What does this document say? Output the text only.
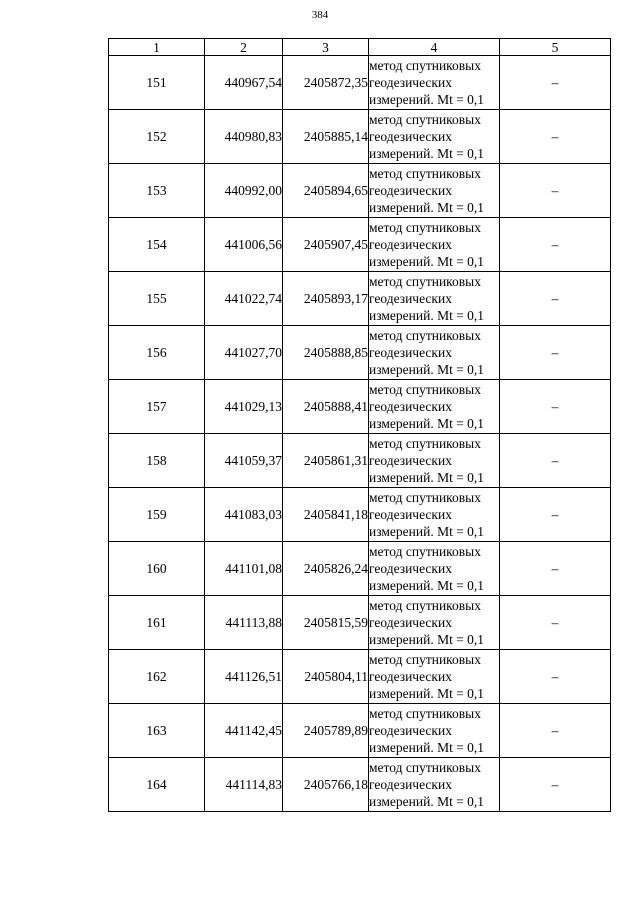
384
1	2	3	4	5
151	440967,54	2405872,35	метод спутниковых
геодезических
измерений. Mt = 0,1	–
152	440980,83	2405885,14	метод спутниковых
геодезических
измерений. Mt = 0,1	–
153	440992,00	2405894,65	метод спутниковых
геодезических
измерений. Mt = 0,1	–
154	441006,56	2405907,45	метод спутниковых
геодезических
измерений. Mt = 0,1	–
155	441022,74	2405893,17	метод спутниковых
геодезических
измерений. Mt = 0,1	–
156	441027,70	2405888,85	метод спутниковых
геодезических
измерений. Mt = 0,1	–
157	441029,13	2405888,41	метод спутниковых
геодезических
измерений. Mt = 0,1	–
158	441059,37	2405861,31	метод спутниковых
геодезических
измерений. Mt = 0,1	–
159	441083,03	2405841,18	метод спутниковых
геодезических
измерений. Mt = 0,1	–
160	441101,08	2405826,24	метод спутниковых
геодезических
измерений. Mt = 0,1	–
161	441113,88	2405815,59	метод спутниковых
геодезических
измерений. Mt = 0,1	–
162	441126,51	2405804,11	метод спутниковых
геодезических
измерений. Mt = 0,1	–
163	441142,45	2405789,89	метод спутниковых
геодезических
измерений. Mt = 0,1	–
164	441114,83	2405766,18	метод спутниковых
геодезических
измерений. Mt = 0,1	–
